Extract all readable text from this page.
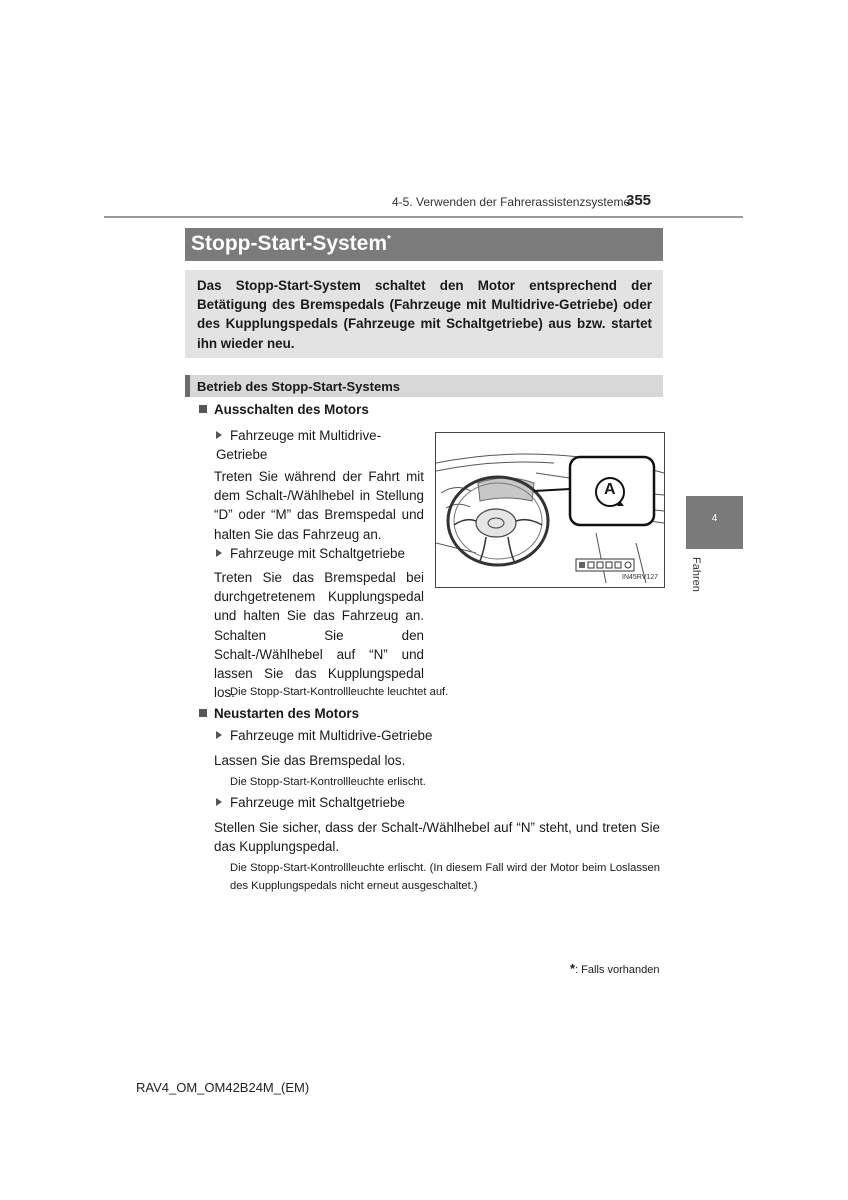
4-5. Verwenden der Fahrerassistenzsysteme
355
Stopp-Start-System*
Das Stopp-Start-System schaltet den Motor entsprechend der Betätigung des Bremspedals (Fahrzeuge mit Multidrive-Getriebe) oder des Kupplungspedals (Fahrzeuge mit Schaltgetriebe) aus bzw. startet ihn wieder neu.
Betrieb des Stopp-Start-Systems
Ausschalten des Motors
Fahrzeuge mit Multidrive-Getriebe
Treten Sie während der Fahrt mit dem Schalt-/Wählhebel in Stellung “D” oder “M” das Bremspedal und halten Sie das Fahrzeug an.
Fahrzeuge mit Schaltgetriebe
Treten Sie das Bremspedal bei durchgetretenem Kupplungspedal und halten Sie das Fahrzeug an. Schalten Sie den Schalt-/Wählhebel auf “N” und lassen Sie das Kupplungspedal los.
Die Stopp-Start-Kontrollleuchte leuchtet auf.
A
IN45RV127
Neustarten des Motors
Fahrzeuge mit Multidrive-Getriebe
Lassen Sie das Bremspedal los.
Die Stopp-Start-Kontrollleuchte erlischt.
Fahrzeuge mit Schaltgetriebe
Stellen Sie sicher, dass der Schalt-/Wählhebel auf “N” steht, und treten Sie das Kupplungspedal.
Die Stopp-Start-Kontrollleuchte erlischt. (In diesem Fall wird der Motor beim Loslassen des Kupplungspedals nicht erneut ausgeschaltet.)
4
Fahren
*: Falls vorhanden
RAV4_OM_OM42B24M_(EM)
